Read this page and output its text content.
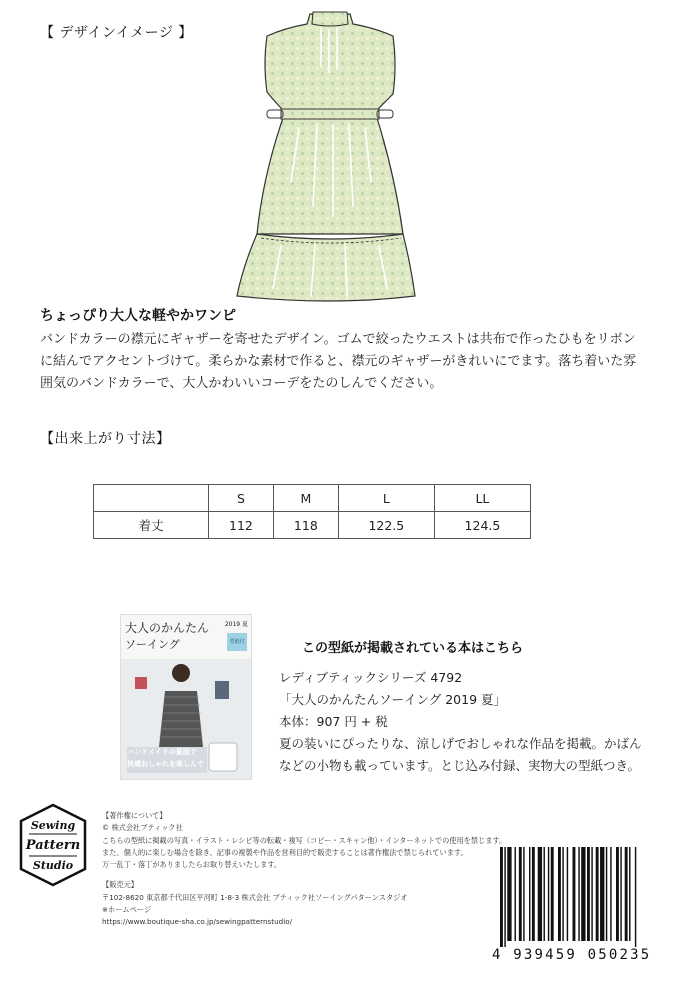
【 デザインイメージ 】
ちょっぴり大人な軽やかワンピ
バンドカラーの襟元にギャザーを寄せたデザイン。ゴムで絞ったウエストは共布で作ったひもをリボンに結んでアクセントづけて。柔らかな素材で作ると、襟元のギャザーがきれいにでます。落ち着いた雰囲気のバンドカラーで、大人かわいいコーデをたのしんでください。
【出来上がり寸法】
	S	M	L	LL
着丈	112	118	122.5	124.5
大人のかんたん
ソーイング
2019 夏
型紙付
ハンドメイドの夏服で
快適おしゃれを楽しんで
この型紙が掲載されている本はこちら
レディブティックシリーズ 4792
「大人のかんたんソーイング 2019 夏」
本体：907 円 + 税
夏の装いにぴったりな、涼しげでおしゃれな作品を掲載。かばん
などの小物も載っています。とじ込み付録、実物大の型紙つき。
Sewing
Pattern
Studio
【著作権について】
© 株式会社ブティック社
こちらの型紙に掲載の写真・イラスト・レシピ等の転載・複写（コピー・スキャン他）・インターネットでの使用を禁じます。
また、個人的に楽しむ場合を除き、記事の複製や作品を営利目的で販売することは著作権法で禁じられています。
万一乱丁・落丁がありましたらお取り替えいたします。
【販売元】
〒102-8620 東京都千代田区平河町 1-8-3 株式会社 ブティック社ソーイングパターンスタジオ
※ホームページ
https://www.boutique-sha.co.jp/sewingpatternstudio/
4 939459 050235
